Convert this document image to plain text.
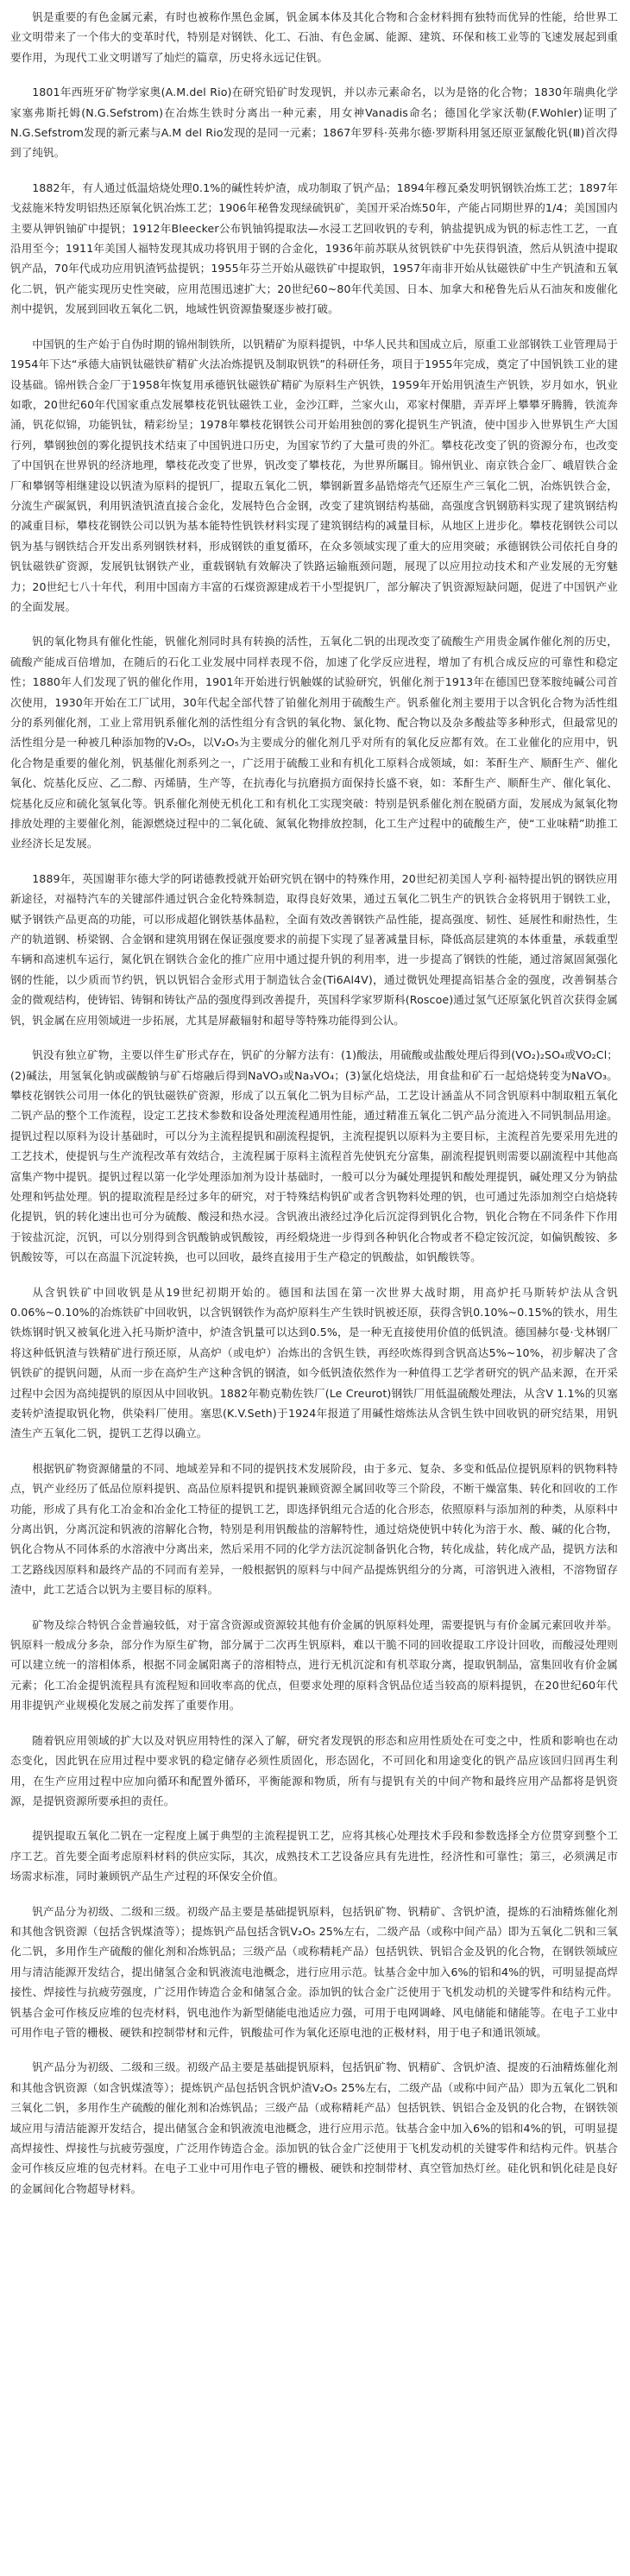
钒是重要的有色金属元素，有时也被称作黑色金属，钒金属本体及其化合物和合金材料拥有独特而优异的性能，给世界工业文明带来了一个伟大的变革时代，特别是对钢铁、化工、石油、有色金属、能源、建筑、环保和核工业等的飞速发展起到重要作用，为现代工业文明谱写了灿烂的篇章，历史将永远记住钒。

1801年西班牙矿物学家奥(A.M.del Rio)在研究铅矿时发现钒，并以赤元素命名，以为是铬的化合物；1830年瑞典化学家塞弗斯托姆(N.G.Sefstrom)在冶炼生铁时分离出一种元素，用女神Vanadis命名；德国化学家沃勒(F.Wohler)证明了N.G.Sefstrom发现的新元素与A.M del Rio发现的是同一元素；1867年罗科·英弗尔德·罗斯科用氢还原亚氯酸化钒(Ⅲ)首次得到了纯钒。

1882年，有人通过低温焙烧处理0.1%的碱性转炉渣，成功制取了钒产品；1894年穆瓦桑发明钒钢铁冶炼工艺；1897年戈兹施米特发明铝热还原氧化钒冶炼工艺；1906年秘鲁发现绿硫钒矿，美国开采冶炼50年，产能占同期世界的1/4；美国国内主要从钾钒铀矿中提钒；1912年Bleecker公布钒铀钨提取法—水浸工艺回收钒的专利，钠盐提钒成为钒的标志性工艺，一直沿用至今；1911年美国人福特发现其成功将钒用于钢的合金化，1936年前苏联从贫钒铁矿中先获得钒渣，然后从钒渣中提取钒产品，70年代成功应用钒渣钙盐提钒；1955年芬兰开始从磁铁矿中提取钒，1957年南非开始从钛磁铁矿中生产钒渣和五氧化二钒，钒产能实现历史性突破，应用范围迅速扩大；20世纪60~80年代美国、日本、加拿大和秘鲁先后从石油灰和废催化剂中提钒，发展到回收五氧化二钒，地域性钒资源蛰聚逐步被打破。

中国钒的生产始于自伪时期的锦州制铁所，以钒精矿为原料提钒，中华人民共和国成立后，原重工业部钢铁工业管理局于1954年下达“承德大庙钒钛磁铁矿精矿火法冶炼提钒及制取钒铁”的科研任务，项目于1955年完成，奠定了中国钒铁工业的建设基础。锦州铁合金厂于1958年恢复用承德钒钛磁铁矿精矿为原料生产钒铁，1959年开始用钒渣生产钒铁，岁月如水，钒业如歌，20世纪60年代国家重点发展攀枝花钒钛磁铁工业，金沙江畔，兰家火山，邓家村倮腊，弄弄坪上攀攀牙腾腾，铁流奔涌，钒花似锦，功能钒钛，精彩纷呈；1978年攀枝花钢铁公司开始用独创的雾化提钒生产钒渣，使中国步入世界钒生产大国行列，攀钢独创的雾化提钒技术结束了中国钒进口历史，为国家节约了大量可贵的外汇。攀枝花改变了钒的资源分布，也改变了中国钒在世界钒的经济地理，攀枝花改变了世界，钒改变了攀枝花，为世界所瞩目。锦州钒业、南京铁合金厂、峨眉铁合金厂和攀钢等相继建设以钒渣为原料的提钒厂，提取五氧化二钒，攀钢新置多晶锆熔壳气还原生产三氧化二钒，冶炼钒铁合金，分流生产碳氮钒，利用钒渣钒渣直接合金化，发展特色合金钢，改变了建筑钢结构基础，高强度含钒钢筋料实现了建筑钢结构的减重目标，攀枝花钢铁公司以钒为基本能特性钒铁材料实现了建筑钢结构的减量目标，从地区上进步化。攀枝花钢铁公司以钒为基与钢铁结合开发出系列钢铁材料，形成钢铁的重复循环，在众多领域实现了重大的应用突破；承德钢铁公司依托自身的钒钛磁铁矿资源，发展钒钛钢铁产业，重载钢轨有效解决了铁路运输瓶颈问题，展现了以应用拉动技术和产业发展的无穷魅力；20世纪七八十年代，利用中国南方丰富的石煤资源建成若干小型提钒厂，部分解决了钒资源短缺问题，促进了中国钒产业的全面发展。

钒的氧化物具有催化性能，钒催化剂同时具有转换的活性，五氧化二钒的出现改变了硫酸生产用贵金属作催化剂的历史，硫酸产能成百倍增加，在随后的石化工业发展中同样表现不俗，加速了化学反应进程，增加了有机合成反应的可靠性和稳定性；1880年人们发现了钒的催化作用，1901年开始进行钒触媒的试验研究，钒催化剂于1913年在德国巴登苯胺纯碱公司首次使用，1930年开始在工厂试用，30年代起全部代替了铂催化剂用于硫酸生产。钒系催化剂主要用于以含钒化合物为活性组分的系列催化剂，工业上常用钒系催化剂的活性组分有含钒的氧化物、氯化物、配合物以及杂多酸盐等多种形式，但最常见的活性组分是一种被几种添加物的V₂O₅，以V₂O₅为主要成分的催化剂几乎对所有的氧化反应都有效。在工业催化的应用中，钒化合物是重要的催化剂，钒基催化剂系列之一，广泛用于硫酸工业和有机化工原料合成领域，如：苯酐生产、顺酐生产、催化氧化、烷基化反应、乙二醇、丙烯腈，生产等，在抗毒化与抗磨损方面保持长盛不衰，如：苯酐生产、顺酐生产、催化氧化、烷基化反应和硫化氢氧化等。钒系催化剂使无机化工和有机化工实现突破：特别是钒系催化剂在脱硝方面，发展成为氮氧化物排放处理的主要催化剂，能源燃烧过程中的二氧化硫、氮氧化物排放控制，化工生产过程中的硫酸生产，使“工业味精”助推工业经济长足发展。

1889年，英国谢菲尔德大学的阿诺德教授就开始研究钒在钢中的特殊作用，20世纪初美国人亨利·福特提出钒的钢铁应用新途径，对福特汽车的关键部件通过钒合金化特殊制造，取得良好效果，通过五氧化二钒生产的钒铁合金将钒用于钢铁工业，赋予钢铁产品更高的功能，可以形成超化钢铁基体晶粒，全面有效改善钢铁产品性能，提高强度、韧性、延展性和耐热性，生产的轨道钢、桥梁钢、合金钢和建筑用钢在保证强度要求的前提下实现了显著减量目标，降低高层建筑的本体重量，承载重型车辆和高速机车运行，氮化钒在钢铁合金化的推广应用中通过提升钒的利用率，进一步提高了钢铁的性能，通过溶氮固氮强化钢的性能，以少质而节约钒，钒以钒铝合金形式用于制造钛合金(Ti6Al4V)，通过微钒处理提高铝基合金的强度，改善铜基合金的微观结构，使铸铝、铸铜和铸钛产品的强度得到改善提升，英国科学家罗斯科(Roscoe)通过氢气还原氯化钒首次获得金属钒，钒金属在应用领域进一步拓展，尤其是屏蔽辐射和超导等特殊功能得到公认。

钒没有独立矿物，主要以伴生矿形式存在，钒矿的分解方法有：(1)酸法，用硫酸或盐酸处理后得到(VO₂)₂SO₄或VO₂Cl；(2)碱法，用氢氧化钠或碳酸钠与矿石熔融后得到NaVO₃或Na₃VO₄；(3)氯化焙烧法，用食盐和矿石一起焙烧转变为NaVO₃。攀枝花钢铁公司用一体化的钒钛磁铁矿资源，形成了以五氧化二钒为目标产品，工艺设计涵盖从不同含钒原料中制取粗五氧化二钒产品的整个工作流程，设定工艺技术参数和设备处理流程通用性能，通过精准五氧化二钒产品分流进入不同钒制品用途。提钒过程以原料为设计基础时，可以分为主流程提钒和副流程提钒，主流程提钒以原料为主要目标，主流程首先要采用先进的工艺技术，使提钒与生产流程改革有效结合，主流程属于原料主流程首先使钒充分富集，副流程提钒则需要以副流程中其他高富集产物中提钒。提钒过程以第一化学处理添加剂为设计基础时，一般可以分为碱处理提钒和酸处理提钒，碱处理又分为钠盐处理和钙盐处理。钒的提取流程是经过多年的研究，对于特殊结构钒矿或者含钒物料处理的钒，也可通过先添加剂空白焙烧转化提钒，钒的转化速出也可分为硫酸、酸浸和热水浸。含钒液出液经过净化后沉淀得到钒化合物，钒化合物在不同条件下作用于铵盐沉淀，沉钒，可以分别得到含钒酸钠或钒酸铵，再经煅烧进一步得到各种钒化合物或者不稳定铵沉淀，如偏钒酸铵、多钒酸铵等，可以在高温下沉淀转换，也可以回收，最终直接用于生产稳定的钒酸盐，如钒酸铁等。

从含钒铁矿中回收钒是从19世纪初期开始的。德国和法国在第一次世界大战时期，用高炉托马斯转炉法从含钒0.06%~0.10%的冶炼铁矿中回收钒，以含钒钢铁作为高炉原料生产生铁时钒被还原，获得含钒0.10%~0.15%的铁水，用生铁炼钢时钒又被氧化进入托马斯炉渣中，炉渣含钒量可以达到0.5%，是一种无直接使用价值的低钒渣。德国赫尔曼·戈林钢厂将这种低钒渣与铁精矿进行预还原，从高炉（或电炉）冶炼出的含钒生铁，再经吹炼得到含钒高达5%~10%，初步解决了含钒铁矿的提钒问题，从而一步在高炉生产这种含钒的钢渣，如今低钒渣依然作为一种值得工艺学者研究的钒产品来源，在开采过程中会因为高纯提钒的原因从中回收钒。1882年勒克勒佐铁厂(Le Creurot)钢铁厂用低温硫酸处理法，从含V 1.1%的贝塞麦转炉渣提取钒化物，供染料厂使用。塞思(K.V.Seth)于1924年报道了用碱性熔炼法从含钒生铁中回收钒的研究结果，用钒渣生产五氧化二钒，提钒工艺得以确立。

根据钒矿物资源储量的不同、地域差异和不同的提钒技术发展阶段，由于多元、复杂、多变和低品位提钒原料的钒物料特点，钒产业经历了低品位原料提钒、高品位原料提钒和提钒兼顾资源全属回收等三个阶段，不断干燥富集、转化和回收的工作功能，形成了具有化工冶金和冶金化工特征的提钒工艺，即选择钒组元合适的化合形态，依照原料与添加剂的种类，从原料中分离出钒，分离沉淀和钒液的溶解化合物，特别是利用钒酸盐的溶解特性，通过焙烧使钒中转化为溶于水、酸、碱的化合物，钒化合物从不同体系的水溶液中分离出来，然后采用不同的化学方法沉淀制备钒化合物，转化成盐，转化成产品，提钒方法和工艺路线因原料和最终产品的不同而有差异，一般根据钒的原料与中间产品提炼钒组分的分离，可溶钒进入液相，不溶物留存渣中，此工艺适合以钒为主要目标的原料。

矿物及综合特钒合金普遍较低，对于富含资源或资源较其他有价金属的钒原料处理，需要提钒与有价金属元素回收并举。钒原料一般成分多杂，部分作为原生矿物，部分属于二次再生钒原料，难以干脆不同的回收提取工序设计回收，而酸浸处理则可以建立统一的溶相体系，根据不同金属阳离子的溶相特点，进行无机沉淀和有机萃取分离，提取钒制品，富集回收有价金属元素；化工冶金提钒流程具有流程短和回收率高的优点，但要求处理的原料含钒品位适当较高的原料提钒，在20世纪60年代用非提钒产业规模化发展之前发挥了重要作用。

随着钒应用领域的扩大以及对钒应用特性的深入了解，研究者发现钒的形态和应用性质处在可变之中，性质和影响也在动态变化，因此钒在应用过程中要求钒的稳定储存必须性质固化，形态固化，不可回化和用途变化的钒产品应该回归回再生利用，在生产应用过程中应加向循环和配置外循环，平衡能源和物质，所有与提钒有关的中间产物和最终应用产品都将是钒资源，是提钒资源所要承担的责任。

提钒提取五氧化二钒在一定程度上属于典型的主流程提钒工艺，应将其核心处理技术手段和参数选择全方位贯穿到整个工序工艺。首先要全面考虑原料材料的供应实际，其次，成熟技术工艺设备应具有先进性，经济性和可靠性；第三，必须满足市场需求标准，同时兼顾钒产品生产过程的环保安全价值。

钒产品分为初级、二级和三级。初级产品主要是基础提钒原料，包括钒矿物、钒精矿、含钒炉渣，提炼的石油精炼催化剂和其他含钒资源（包括含钒煤渣等）；提炼钒产品包括含钒V₂O₅ 25%左右，二级产品（或称中间产品）即为五氧化二钒和三氧化二钒，多用作生产硫酸的催化剂和冶炼钒品；三级产品（或称精耗产品）包括钒铁、钒铝合金及钒的化合物，在钢铁领域应用与清洁能源开发结合，提出储氢合金和钒液流电池概念，进行应用示范。钛基合金中加入6%的铝和4%的钒，可明显提高焊接性、焊接性与抗疲劳强度，广泛用作铸造合金和储氢合金。添加钒的钛合金广泛使用于飞机发动机的关键零件和结构元件。钒基合金可作核反应堆的包壳材料，钒电池作为新型储能电池适应力强，可用于电网调峰、风电储能和储能等。在电子工业中可用作电子管的栅极、硬铁和控制带材和元件，钒酸盐可作为氧化还原电池的正极材料，用于电子和通讯领域。

钒产品分为初级、二级和三级。初级产品主要是基础提钒原料，包括钒矿物、钒精矿、含钒炉渣、提废的石油精炼催化剂和其他含钒资源（如含钒煤渣等）；提炼钒产品包括钒含钒炉渣V₂O₅ 25%左右，二级产品（或称中间产品）即为五氧化二钒和三氧化二钒，多用作生产硫酸的催化剂和冶炼钒品；三级产品（或称精耗产品）包括钒铁、钒铝合金及钒的化合物，在钢铁领域应用与清洁能源开发结合，提出储氢合金和钒液流电池概念，进行应用示范。钛基合金中加入6%的铝和4%的钒，可明显提高焊接性、焊接性与抗疲劳强度，广泛用作铸造合金。添加钒的钛合金广泛使用于飞机发动机的关键零件和结构元件。钒基合金可作核反应堆的包壳材料。在电子工业中可用作电子管的栅极、硬铁和控制带材、真空管加热灯丝。硅化钒和钒化硅是良好的金属间化合物超导材料。
